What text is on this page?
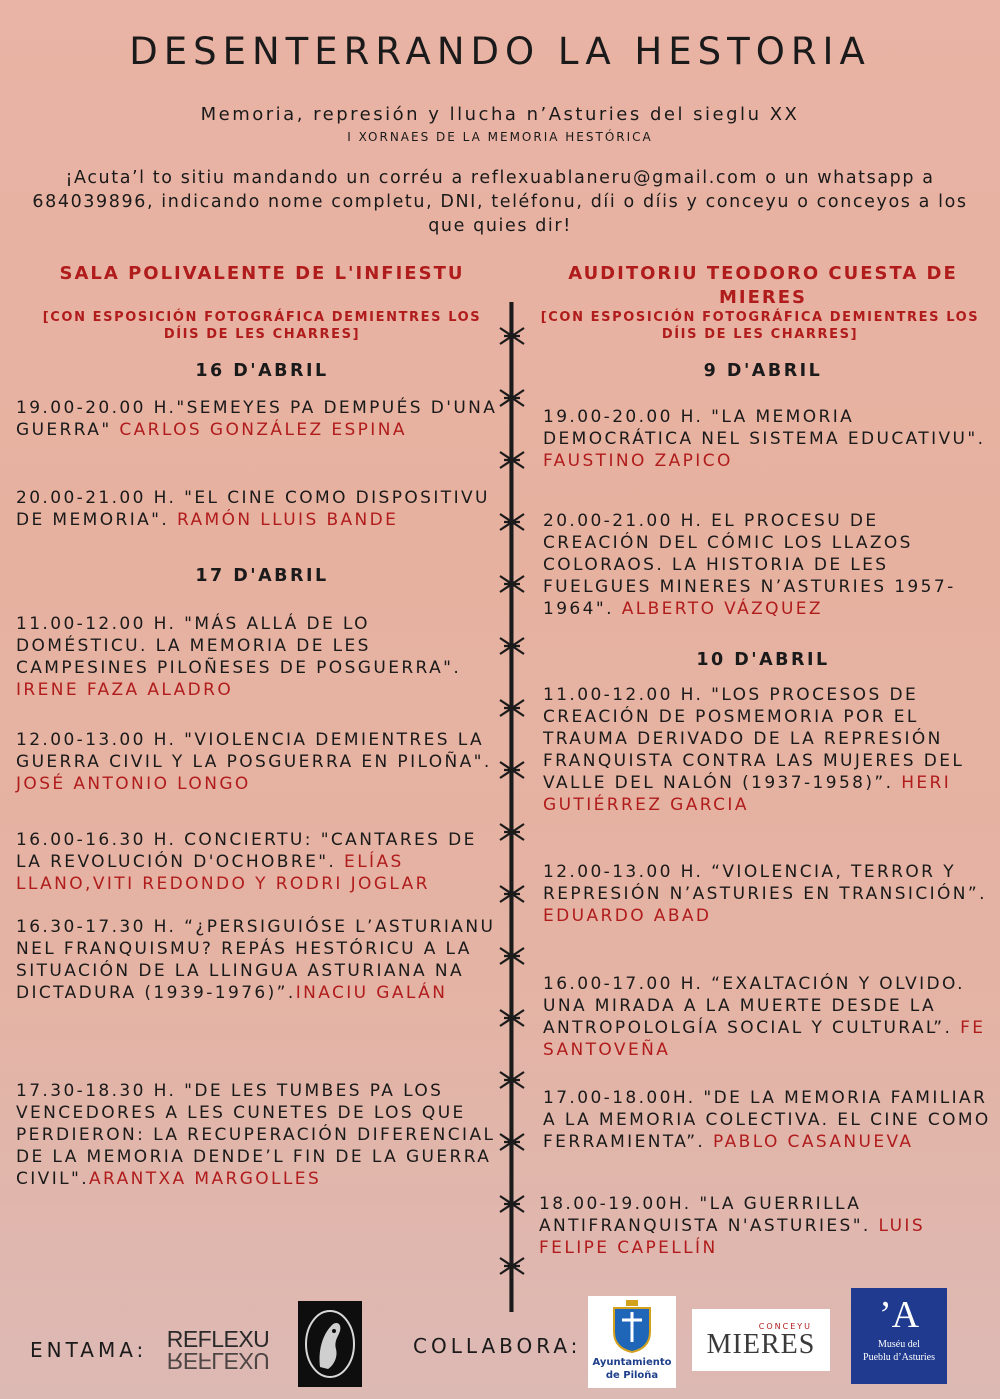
DESENTERRANDO LA HESTORIA
Memoria, represión y llucha n’Asturies del sieglu XX
I XORNAES DE LA MEMORIA HESTÓRICA
¡Acuta’l to sitiu mandando un corréu a reflexuablaneru@gmail.com o un whatsapp a 684039896, indicando nome completu, DNI, teléfonu, díi o díis y conceyu o conceyos a los que quies dir!
SALA POLIVALENTE DE L'INFIESTU
[CON ESPOSICIÓN FOTOGRÁFICA DEMIENTRES LOS DÍIS DE LES CHARRES]
16 D'ABRIL
19.00-20.00 H."SEMEYES PA DEMPUÉS D'UNA GUERRA" CARLOS GONZÁLEZ ESPINA
20.00-21.00 H. "EL CINE COMO DISPOSITIVU DE MEMORIA". RAMÓN LLUIS BANDE
17 D'ABRIL
11.00-12.00 H. "MÁS ALLÁ DE LO DOMÉSTICU. LA MEMORIA DE LES CAMPESINES PILOÑESES DE POSGUERRA". IRENE FAZA ALADRO
12.00-13.00 H. "VIOLENCIA DEMIENTRES LA GUERRA CIVIL Y LA POSGUERRA EN PILOÑA". JOSÉ ANTONIO LONGO
16.00-16.30 H. CONCIERTU: "CANTARES DE LA REVOLUCIÓN D'OCHOBRE". ELÍAS LLANO,VITI REDONDO Y RODRI JOGLAR
16.30-17.30 H. “¿PERSIGUIÓSE L’ASTURIANU NEL FRANQUISMU? REPÁS HESTÓRICU A LA SITUACIÓN DE LA LLINGUA ASTURIANA NA DICTADURA (1939-1976)”.INACIU GALÁN
17.30-18.30 H. "DE LES TUMBES PA LOS VENCEDORES A LES CUNETES DE LOS QUE PERDIERON: LA RECUPERACIÓN DIFERENCIAL DE LA MEMORIA DENDE’L FIN DE LA GUERRA CIVIL".ARANTXA MARGOLLES
AUDITORIU TEODORO CUESTA DE MIERES
[CON ESPOSICIÓN FOTOGRÁFICA DEMIENTRES LOS DÍIS DE LES CHARRES]
9 D'ABRIL
19.00-20.00 H. "LA MEMORIA DEMOCRÁTICA NEL SISTEMA EDUCATIVU". FAUSTINO ZAPICO
20.00-21.00 H. EL PROCESU DE CREACIÓN DEL CÓMIC LOS LLAZOS COLORAOS. LA HISTORIA DE LES FUELGUES MINERES N’ASTURIES 1957-1964". ALBERTO VÁZQUEZ
10 D'ABRIL
11.00-12.00 H. "LOS PROCESOS DE CREACIÓN DE POSMEMORIA POR EL TRAUMA DERIVADO DE LA REPRESIÓN FRANQUISTA CONTRA LAS MUJERES DEL VALLE DEL NALÓN (1937-1958)”. HERI GUTIÉRREZ GARCIA
12.00-13.00 H. “VIOLENCIA, TERROR Y REPRESIÓN N’ASTURIES EN TRANSICIÓN”. EDUARDO ABAD
16.00-17.00 H. “EXALTACIÓN Y OLVIDO. UNA MIRADA A LA MUERTE DESDE LA ANTROPOLOLGÍA SOCIAL Y CULTURAL”. FE SANTOVEÑA
17.00-18.00H. "DE LA MEMORIA FAMILIAR A LA MEMORIA COLECTIVA. EL CINE COMO FERRAMIENTA”. PABLO CASANUEVA
18.00-19.00H. "LA GUERRILLA ANTIFRANQUISTA N'ASTURIES". LUIS FELIPE CAPELLÍN
ENTAMA: REFLEXU
REFLEXU
COLLABORA:
Ayuntamiento
de Piloña
CONCEYU
MIERES
’A
Muséu del
Pueblu d’Asturies
